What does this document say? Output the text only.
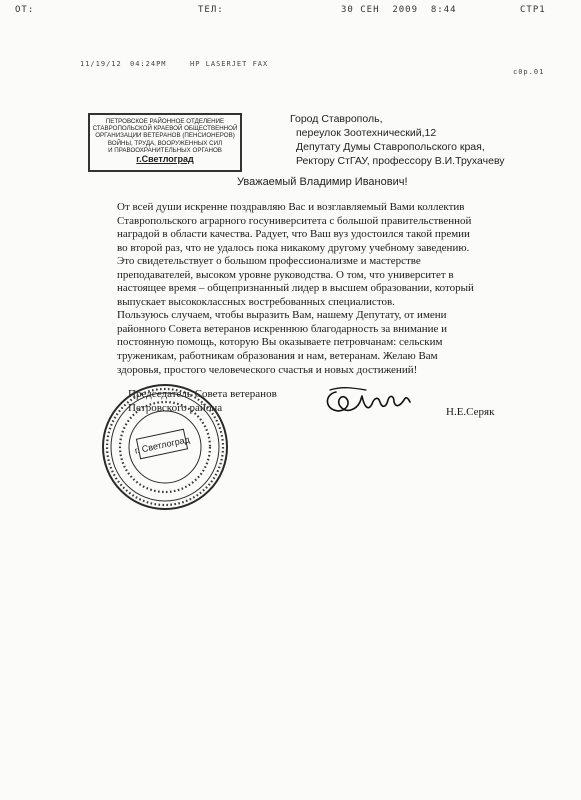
ОТ:	ТЕЛ:	30 СЕН  2009  8:44	СТР1
11/19/12 04:24PM	HP LASERJET FAX
c0p.01
ПЕТРОВСКОЕ РАЙОННОЕ ОТДЕЛЕНИЕ
СТАВРОПОЛЬСКОЙ КРАЕВОЙ ОБЩЕСТВЕННОЙ
ОРГАНИЗАЦИИ ВЕТЕРАНОВ (ПЕНСИОНЕРОВ)
ВОЙНЫ, ТРУДА, ВООРУЖЕННЫХ СИЛ
И ПРАВООХРАНИТЕЛЬНЫХ ОРГАНОВ
г.Светлоград
Город Ставрополь,
переулок Зоотехнический,12
Депутату Думы Ставропольского края,
Ректору СтГАУ, профессору В.И.Трухачеву
Уважаемый Владимир Иванович!
От всей души искренне поздравляю Вас и возглавляемый Вами коллектив
Ставропольского аграрного госуниверситета с большой правительственной
наградой в области качества. Радует, что Ваш вуз удостоился такой премии
во второй раз, что не удалось пока никакому другому учебному заведению.
Это свидетельствует о большом профессионализме и мастерстве
преподавателей, высоком уровне руководства. О том, что университет в
настоящее время – общепризнанный лидер в высшем образовании, который
выпускает высококлассных востребованных специалистов.
Пользуюсь случаем, чтобы выразить Вам, нашему Депутату, от имени
районного Совета ветеранов искреннюю благодарность за внимание и
постоянную помощь, которую Вы оказываете петровчанам: сельским
труженикам, работникам образования и нам, ветеранам. Желаю Вам
здоровья, простого человеческого счастья и новых достижений!
Председатель Совета ветеранов
Петровского района
г. Светлоград
Н.Е.Серяк
